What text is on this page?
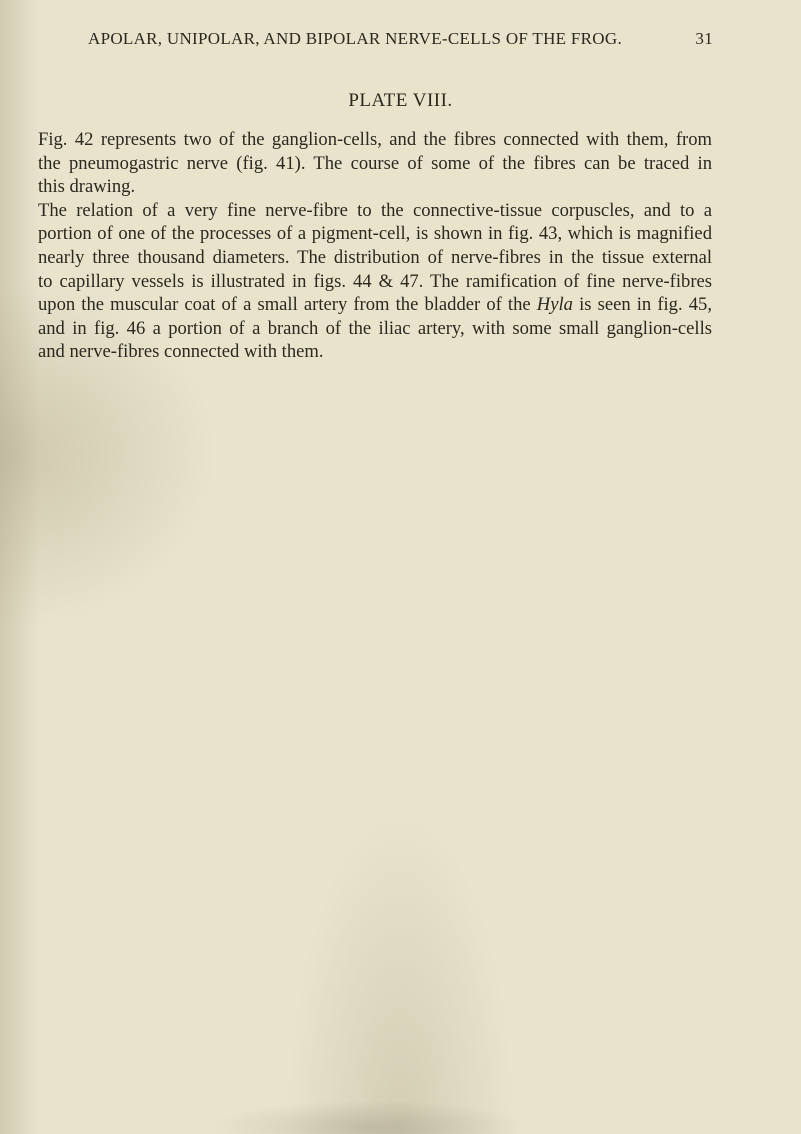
APOLAR, UNIPOLAR, AND BIPOLAR NERVE-CELLS OF THE FROG.	31
PLATE VIII.

Fig. 42 represents two of the ganglion-cells, and the fibres connected with them, from
the pneumogastric nerve (fig. 41). The course of some of the fibres can be traced in
this drawing.

The relation of a very fine nerve-fibre to the connective-tissue corpuscles, and to a
portion of one of the processes of a pigment-cell, is shown in fig. 43, which is magnified
nearly three thousand diameters. The distribution of nerve-fibres in the tissue external
to capillary vessels is illustrated in figs. 44 & 47. The ramification of fine nerve-fibres
upon the muscular coat of a small artery from the bladder of the Hyla is seen in fig. 45,
and in fig. 46 a portion of a branch of the iliac artery, with some small ganglion-cells
and nerve-fibres connected with them.
